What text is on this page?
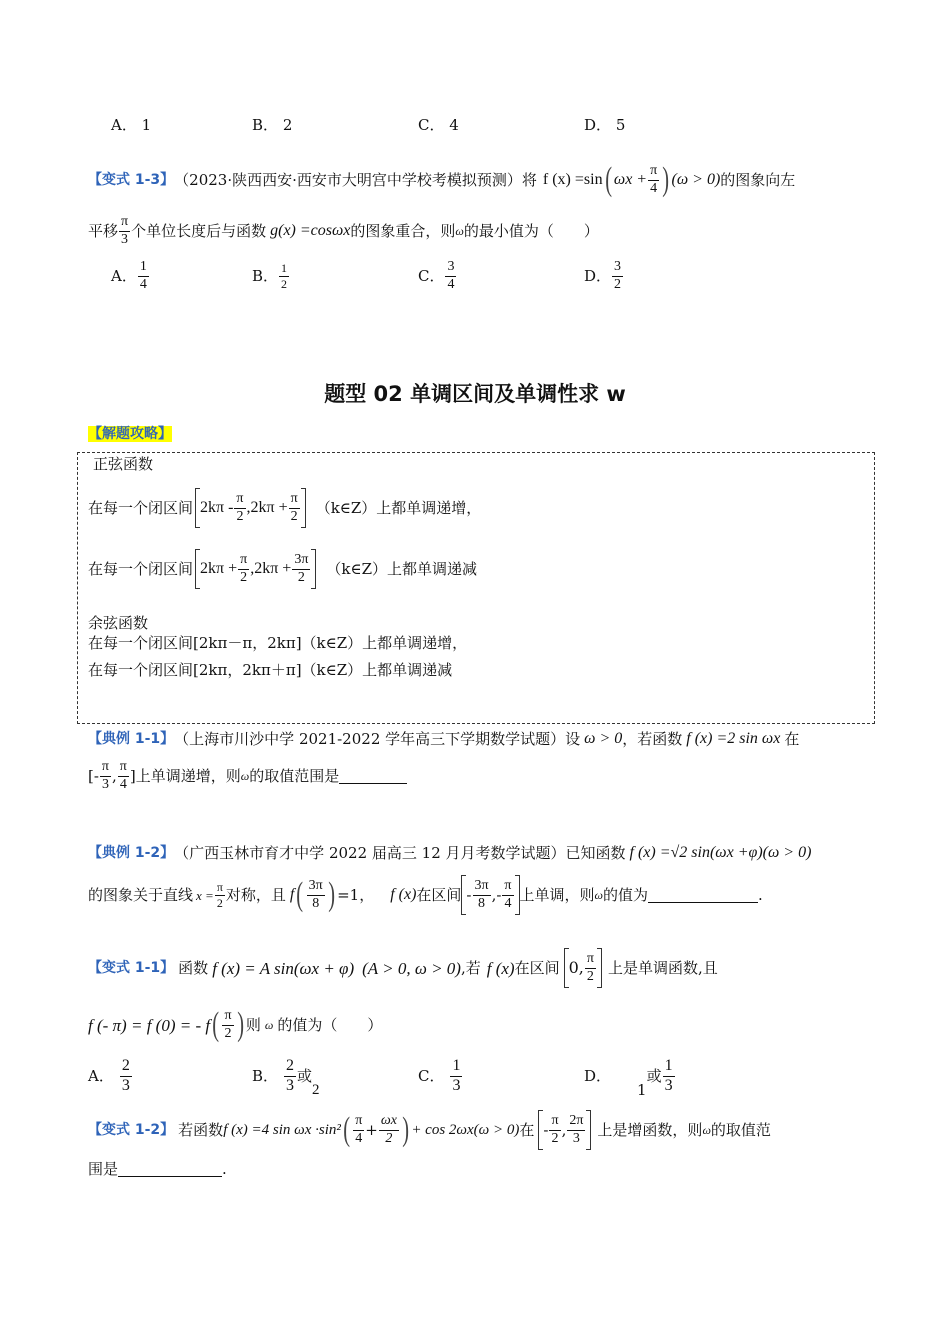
A． 1	B． 2	C． 4	D． 5
【变式 1-3】 （2023·陕西西安·西安市大明宫中学校考模拟预测）将 f (x) =sin ( $\omega x + \frac{\pi}{4}$ ) (ω > 0) 的图象向左
平移 $\frac{\pi}{3}$ 个单位长度后与函数 g(x) =cosωx 的图象重合，则 ω 的最小值为（　　）
A． $\frac{1}{4}$	B． $\frac{1}{2}$	C． $\frac{3}{4}$	D． $\frac{3}{2}$
题型 02 单调区间及单调性求 w
【解题攻略】
正弦函数
在每一个闭区间 $2k\pi - \frac{\pi}{2} ,2k\pi + \frac{\pi}{2}$ （k∈Z）上都单调递增，
在每一个闭区间 $2k\pi + \frac{\pi}{2} ,2k\pi + \frac{3\pi}{2}$ （k∈Z）上都单调递减
余弦函数
在每一个闭区间[2kπ－π，2kπ]（k∈Z）上都单调递增，
在每一个闭区间[2kπ，2kπ＋π]（k∈Z）上都单调递减
【典例 1-1】 （上海市川沙中学 2021-2022 学年高三下学期数学试题）设 ω > 0 ，若函数 f (x) =2 sin ωx 在
[- $\frac{\pi}{3}$ , $\frac{\pi}{4}$ ] 上单调递增，则 ω 的取值范围是
【典例 1-2】 （广西玉林市育才中学 2022 届高三 12 月月考数学试题）已知函数 f (x) =√2 sin(ωx +φ)(ω > 0)
的图象关于直线 $x = \frac{\pi}{2}$ 对称，且 f ( $\frac{3\pi}{8}$ ) =1， f (x) 在区间 - $\frac{3\pi}{8}$ ,- $\frac{\pi}{4}$ 上单调，则 ω 的值为	.
【变式 1-1】 函数 f (x) = A sin(ωx + φ) (A > 0, ω > 0) ,若 f (x) 在区间 0, $\frac{\pi}{2}$ 上是单调函数,且
f (- π) = f (0) = - f ( $\frac{\pi}{2}$ ) 则 ω 的值为（　　）
A． $\frac{2}{3}$	B． $\frac{2}{3}$ 或
2
C． $\frac{1}{3}$	D．
1
或 $\frac{1}{3}$
【变式 1-2】 若函数 f (x) =4 sin ωx ·sin² ( $\frac{\pi}{4} + \frac{\omega x}{2}$ ) + cos 2ωx(ω > 0) 在 - $\frac{\pi}{2}$ , $\frac{2\pi}{3}$ 上是增函数，则 ω 的取值范
围是	.
